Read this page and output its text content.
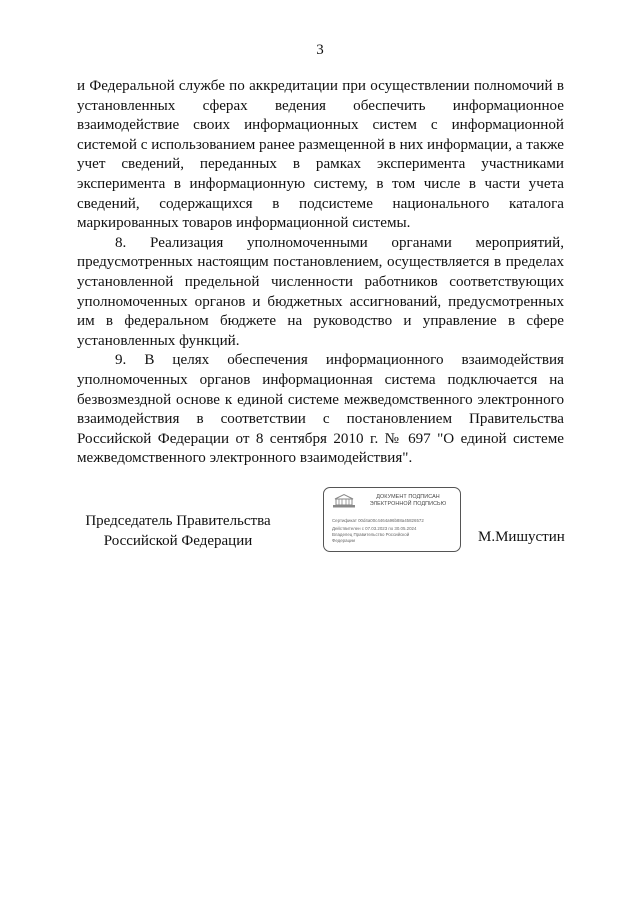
3

и Федеральной службе по аккредитации при осуществлении полномочий в установленных сферах ведения обеспечить информационное взаимодействие своих информационных систем с информационной системой с использованием ранее размещенной в них информации, а также учет сведений, переданных в рамках эксперимента участниками эксперимента в информационную систему, в том числе в части учета сведений, содержащихся в подсистеме национального каталога маркированных товаров информационной системы.

8. Реализация уполномоченными органами мероприятий, предусмотренных настоящим постановлением, осуществляется в пределах установленной предельной численности работников соответствующих уполномоченных органов и бюджетных ассигнований, предусмотренных им в федеральном бюджете на руководство и управление в сфере установленных функций.

9. В целях обеспечения информационного взаимодействия уполномоченных органов информационная система подключается на безвозмездной основе к единой системе межведомственного электронного взаимодействия в соответствии с постановлением Правительства Российской Федерации от 8 сентября 2010 г. № 697 "О единой системе межведомственного электронного взаимодействия".

Председатель Правительства
Российской Федерации
ДОКУМЕНТ ПОДПИСАН
ЭЛЕКТРОННОЙ ПОДПИСЬЮ
Сертификат 00d4a00c4464a96b88a45826572
Действителен с 07.03.2023 по 30.05.2024
Владелец Правительство Российской
Федерации	М.Мишустин
